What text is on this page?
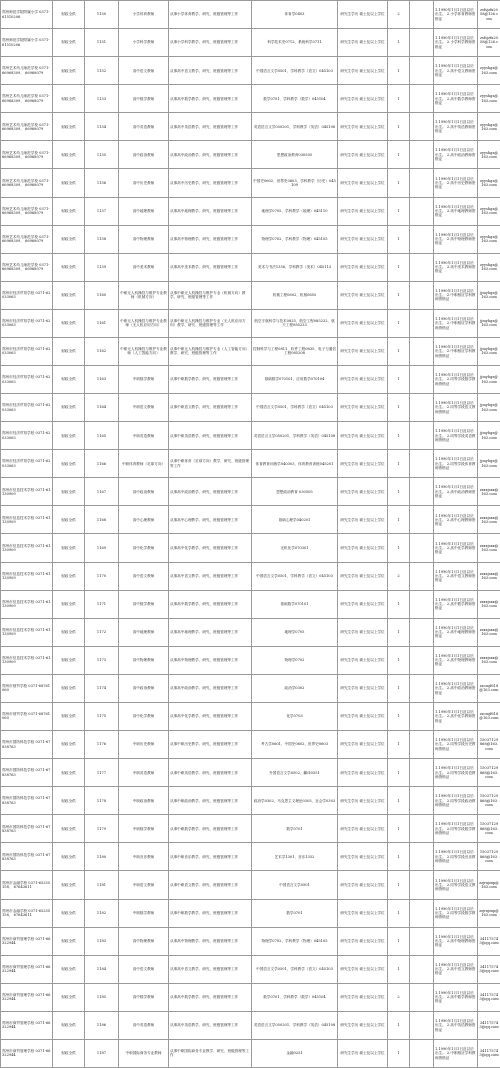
郑州师范学院附属小学 0371-61510206	财政全供	1150	小学体育教师	从事小学体育教学、研究、班级管理等工作	体育学0403	研究生学历 硕士及以上学位	2		1.1990年1月1日及以后出生。 2.小学体育教师资格证	zsfsjzfx2058@126.com
郑州师范学院附属小学 0371-61510206	财政全供	1151	小学科学教师	从事小学科学教学、研究、班级管理等工作	科学技术史0712、系统科学0711	研究生学历 硕士及以上学位	1		1.1990年1月1日及以后出生。 2.小学科学教师资格证	zsfsjzfx2058@126.com
郑州艺术幼儿师范学校 0371-66968309、 66968079	财政全供	1152	高中语文教师	从事高中语文教学、研究、班级管理等工作	中国语言文学0501、学科教学（语文）045103	研究生学历 硕士及以上学位	1		1.1990年1月1日及以后出生。 2.高中语文教师资格证	zyyshgz@163.com
郑州艺术幼儿师范学校 0371-66968309、 66968079	财政全供	1153	高中数学教师	从事高中数学教学、研究、班级管理等工作	数学0701、学科教学（数学）045104	研究生学历 硕士及以上学位	1		1.1990年1月1日及以后出生。 2.高中数学教师资格证	zyyshgz@163.com
郑州艺术幼儿师范学校 0371-66968309、 66968079	财政全供	1154	高中英语教师	从事高中英语教学、研究、班级管理等工作	英语语言文学050201、学科教学（英语）045108	研究生学历 硕士及以上学位	1		1.1990年1月1日及以后出生。 2.高中英语教师资格证	zyyshgz@163.com
郑州艺术幼儿师范学校 0371-66968309、 66968079	财政全供	1155	高中政治教师	从事高中政治教学、研究、班级管理等工作	思想政治教育030505	研究生学历 硕士及以上学位	1		1.1990年1月1日及以后出生。 2.高中政治教师资格证	zyyshgz@163.com
郑州艺术幼儿师范学校 0371-66968309、 66968079	财政全供	1156	高中历史教师	从事高中历史教学、研究、班级管理等工作	中国史0602、世界史0603、学科教学（历史）045109	研究生学历 硕士及以上学位	1		1.1990年1月1日及以后出生。 2.高中历史教师资格证	zyyshgz@163.com
郑州艺术幼儿师范学校 0371-66968309、 66968079	财政全供	1157	高中地理教师	从事高中地理教学、研究、班级管理等工作	地理学0705、学科教学（地理）045110	研究生学历 硕士及以上学位	1		1.1990年1月1日及以后出生。 2.高中地理教师资格证	zyyshgz@163.com
郑州艺术幼儿师范学校 0371-66968309、 66968079	财政全供	1158	高中物理教师	从事高中物理教学、研究、班级管理等工作	物理学0702、学科教学（物理）045105	研究生学历 硕士及以上学位	1		1.1990年1月1日及以后出生。 2.高中物理教师资格证	zyyshgz@163.com
郑州艺术幼儿师范学校 0371-66968309、 66968079	财政全供	1159	高中美术教师	从事高中美术教学、研究、班级管理等工作	美术与书法1356、学科教学（美术）045113	研究生学历 硕士及以上学位	1		1.1990年1月1日及以后出生。 2.高中美术教师资格证	zyyshgz@163.com
郑州市经济贸易学校 0371-62033063	财政全供	1160	中职无人机操控与维护专业教师（机械方向）	从事中职无人机操控与维护专业（机械方向）教学、研究、班级管理等工作	机械工程0802、机械0855	研究生学历 硕士及以上学位	1		1.1990年1月1日及以后出生。 2.中职相应学科教师资格证	jjmyhgz@163.com
郑州市经济贸易学校 0371-62033063	财政全供	1161	中职无人机操控与维护专业教师（无人机应用方向）	从事中职无人机操控与维护专业（无人机应用方向）教学、研究、班级管理等工作	航空宇航科学与技术0825、航空工程085232、航天工程085233	研究生学历 硕士及以上学位	1		1.1990年1月1日及以后出生。 2.中职相应学科教师资格证	jjmyhgz@163.com
郑州市经济贸易学校 0371-62033063	财政全供	1162	中职无人机操控与维护专业教师（人工智能方向）	从事中职无人机操控与维护专业（人工智能方向）教学、研究、班级管理等工作	控制科学与工程0811、软件工程0835、电子与通信工程085208	研究生学历 硕士及以上学位	1		1.1990年1月1日及以后出生。 2.中职相应学科教师资格证	jjmyhgz@163.com
郑州市经济贸易学校 0371-62033063	财政全供	1163	中职数学教师	从事中职数学教学、研究、班级管理等工作	基础数学070101、应用数学070104	研究生学历 硕士及以上学位	1		1.1990年1月1日及以后出生。 2.同等学段数学教师资格证	jjmyhgz@163.com
郑州市经济贸易学校 0371-62033063	财政全供	1164	中职语文教师	从事中职语文教学、研究、班级管理等工作	中国语言文学0501、学科教学（语文）045103	研究生学历 硕士及以上学位	1		1.1990年1月1日及以后出生。 2.同等学段语文教师资格证	jjmyhgz@163.com
郑州市经济贸易学校 0371-62033063	财政全供	1165	中职英语教师	从事中职英语教学、研究、班级管理等工作	英语语言文学050201、学科教学（英语）045108	研究生学历 硕士及以上学位	1		1.1990年1月1日及以后出生。 2.同等学段英语教师资格证	jjmyhgz@163.com
郑州市经济贸易学校 0371-62033063	财政全供	1166	中职体育教师（足球方向）	从事中职体育（足球方向）教学、研究、班级管理等工作	体育教育训练学040303、体育教育训练045201	研究生学历 硕士及以上学位	1		1.1990年1月1日及以后出生。 2.同等学段体育教师资格证	jjmyhgz@163.com
郑州市信息技术学校 0371-61130909	财政全供	1167	高中政治教师	从事高中政治教学、研究、班级管理等工作	思想政治教育 030505	研究生学历 硕士及以上学位	1		1.1990年1月1日及以后出生。 2.高中政治教师资格证	zzxxjsxx@163.com
郑州市信息技术学校 0371-61130909	财政全供	1168	高中心理教师	从事高中心理教学、研究、班级管理等工作	基础心理学040201	研究生学历 硕士及以上学位	1		1.1990年1月1日及以后出生。 2.高中心理教师资格证	zzxxjsxx@163.com
郑州市信息技术学校 0371-61130909	财政全供	1169	高中化学教师	从事高中化学教学、研究、班级管理等工作	无机化学070301	研究生学历 硕士及以上学位	1		1.1990年1月1日及以后出生。 2.高中化学教师资格证	zzxxjsxx@163.com
郑州市信息技术学校 0371-61130909	财政全供	1170	高中语文教师	从事高中语文教学、研究、班级管理等工作	中国语言文学0501、学科教学（语文）045103	研究生学历 硕士及以上学位	2		1.1990年1月1日及以后出生。 2.高中语文教师资格证	zzxxjsxx@163.com
郑州市信息技术学校 0371-61130909	财政全供	1171	高中数学教师	从事高中数学教学、研究、班级管理等工作	基础数学070101	研究生学历 硕士及以上学位	1		1.1990年1月1日及以后出生。 2.高中数学教师资格证	zzxxjsxx@163.com
郑州市信息技术学校 0371-61130909	财政全供	1172	高中地理教师	从事高中地理教学、研究、班级管理等工作	地理学0705	研究生学历 硕士及以上学位	1		1.1990年1月1日及以后出生。 2.高中地理教师资格证	zzxxjsxx@163.com
郑州市信息技术学校 0371-61130909	财政全供	1173	高中物理教师	从事高中物理教学、研究、班级管理等工作	物理学0702	研究生学历 硕士及以上学位	1		1.1990年1月1日及以后出生。 2.高中物理教师资格证	zzxxjsxx@163.com
郑州市财贸学校 0371-68761060	财政全供	1174	高中政治教师	从事高中政治教学、研究、班级管理等工作	政治学0302	研究生学历 硕士及以上学位	1		1.1990年1月1日及以后出生。 2.高中政治教师资格证	zzcmjf618@163.com
郑州市财贸学校 0371-68761060	财政全供	1175	高中化学教师	从事高中化学教学、研究、班级管理等工作	化学0703	研究生学历 硕士及以上学位	1		1.1990年1月1日及以后出生。 2.高中化学教师资格证	zzcmjf618@163.com
郑州市国防科技学校 0371-67838763	财政全供	1176	中职历史教师	从事中职历史教学、研究、班级管理等工作	考古学0601、中国史0602、世界史0603	研究生学历 硕士及以上学位	1		1.1990年1月1日及以后出生。 2.同等学段历史教师资格证	15037129868@163.com
郑州市国防科技学校 0371-67838763	财政全供	1177	中职英语教师	从事中职英语教学、研究、班级管理等工作	外国语言文学0502、翻译0551	研究生学历 硕士及以上学位	1		1.1990年1月1日及以后出生。 2.同等学段英语教师资格证	15037129868@163.com
郑州市国防科技学校 0371-67838763	财政全供	1178	中职政治教师	从事中职政治教学、研究、班级管理等工作	政治学0302、马克思主义理论0305、社会学0303	研究生学历 硕士及以上学位	1		1.1990年1月1日及以后出生。 2.同等学段政治教师资格证	15037129868@163.com
郑州市国防科技学校 0371-67838763	财政全供	1179	中职数学教师	从事中职数学教学、研究、班级管理等工作	数学0701	研究生学历 硕士及以上学位	1		1.1990年1月1日及以后出生。 2.同等学段数学教师资格证	15037129868@163.com
郑州市国防科技学校 0371-67838763	财政全供	1180	中职音乐教师	从事中职音乐教学、研究、班级管理等工作	艺术学1301、音乐1352	研究生学历 硕士及以上学位	1		1.1990年1月1日及以后出生。 2.同等学段音乐教师资格证	15037129868@163.com
郑州市金融学校 0371-65255158、 67643611	财政全供	1181	中职语文教师	从事中职语文教学、研究、班级管理等工作	中国语言文学0501	研究生学历 硕士及以上学位	1		1.1990年1月1日及以后出生。 2.同等学段语文教师资格证	zzjrxjzxp@163.com
郑州市金融学校 0371-65255158、 67643611	财政全供	1182	中职数学教师	从事中职数学教学、研究、班级管理等工作	数学0701	研究生学历 硕士及以上学位	1		1.1990年1月1日及以后出生。 2.同等学段数学教师资格证	zzjrxjzxp@163.com
郑州市商贸管理学校 0371-66322944	财政全供	1183	高中物理教师	从事高中物理教学、研究、班级管理等工作	物理学0702、学科教学（物理）045105	研究生学历 硕士及以上学位	1		1.1990年1月1日及以后出生。 2.高中物理教师资格证	341175743@qq.com
郑州市商贸管理学校 0371-66322944	财政全供	1184	高中语文教师	从事高中语文教学、研究、班级管理等工作	中国语言文学0501、学科教学（语文）045103	研究生学历 硕士及以上学位	1		1.1990年1月1日及以后出生。 2.高中语文教师资格证	341175743@qq.com
郑州市商贸管理学校 0371-66322944	财政全供	1185	高中数学教师	从事高中数学教学、研究、班级管理等工作	数学0701、学科教学（数学）045104	研究生学历 硕士及以上学位	2		1.1990年1月1日及以后出生。 2.高中数学教师资格证	341175743@qq.com
郑州市商贸管理学校 0371-66322944	财政全供	1186	高中英语教师	从事高中英语教学、研究、班级管理等工作	英语语言文学050201、学科教学（英语）045108	研究生学历 硕士及以上学位	1		1.1990年1月1日及以后出生。 2.高中英语教师资格证	341175743@qq.com
郑州市商贸管理学校 0371-66322944	财政全供	1187	中职国际商务专业教师	从事中职国际商务专业教学、研究、班级管理等工作	金融0251	研究生学历 硕士及以上学位	1		1.1990年1月1日及以后出生。 2.中职相应学科教师资格证	341175743@qq.com
